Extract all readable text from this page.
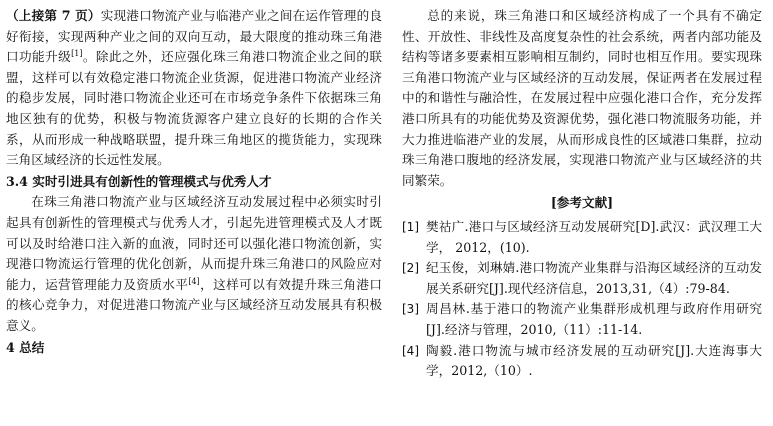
（上接第 7 页）实现港口物流产业与临港产业之间在运作管理的良好衔接，实现两种产业之间的双向互动，最大限度的推动珠三角港口功能升级[1]。除此之外，还应强化珠三角港口物流企业之间的联盟，这样可以有效稳定港口物流企业货源，促进港口物流产业经济的稳步发展，同时港口物流企业还可在市场竞争条件下依据珠三角地区独有的优势，积极与物流货源客户建立良好的长期的合作关系，从而形成一种战略联盟，提升珠三角地区的揽货能力，实现珠三角区域经济的长远性发展。

3.4 实时引进具有创新性的管理模式与优秀人才

在珠三角港口物流产业与区域经济互动发展过程中必须实时引起具有创新性的管理模式与优秀人才，引起先进管理模式及人才既可以及时给港口注入新的血液，同时还可以强化港口物流创新，实现港口物流运行管理的优化创新，从而提升珠三角港口的风险应对能力，运营管理能力及资质水平[4]，这样可以有效提升珠三角港口的核心竞争力，对促进港口物流产业与区域经济互动发展具有积极意义。

4 总结

总的来说，珠三角港口和区域经济构成了一个具有不确定性、开放性、非线性及高度复杂性的社会系统，两者内部功能及结构等诸多要素相互影响相互制约，同时也相互作用。要实现珠三角港口物流产业与区域经济的互动发展，保证两者在发展过程中的和谐性与融洽性，在发展过程中应强化港口合作，充分发挥港口所具有的功能优势及资源优势，强化港口物流服务功能，并大力推进临港产业的发展，从而形成良性的区域港口集群，拉动珠三角港口腹地的经济发展，实现港口物流产业与区域经济的共同繁荣。

[参考文献]
[1] 樊祜广.港口与区域经济互动发展研究[D].武汉：武汉理工大学， 2012，(10).
[2] 纪玉俊，刘琳婧.港口物流产业集群与沿海区域经济的互动发展关系研究[J].现代经济信息，2013,31,（4）:79-84.
[3] 周昌林.基于港口的物流产业集群形成机理与政府作用研究[J].经济与管理，2010,（11）:11-14.
[4] 陶毅.港口物流与城市经济发展的互动研究[J].大连海事大学，2012,（10）.
